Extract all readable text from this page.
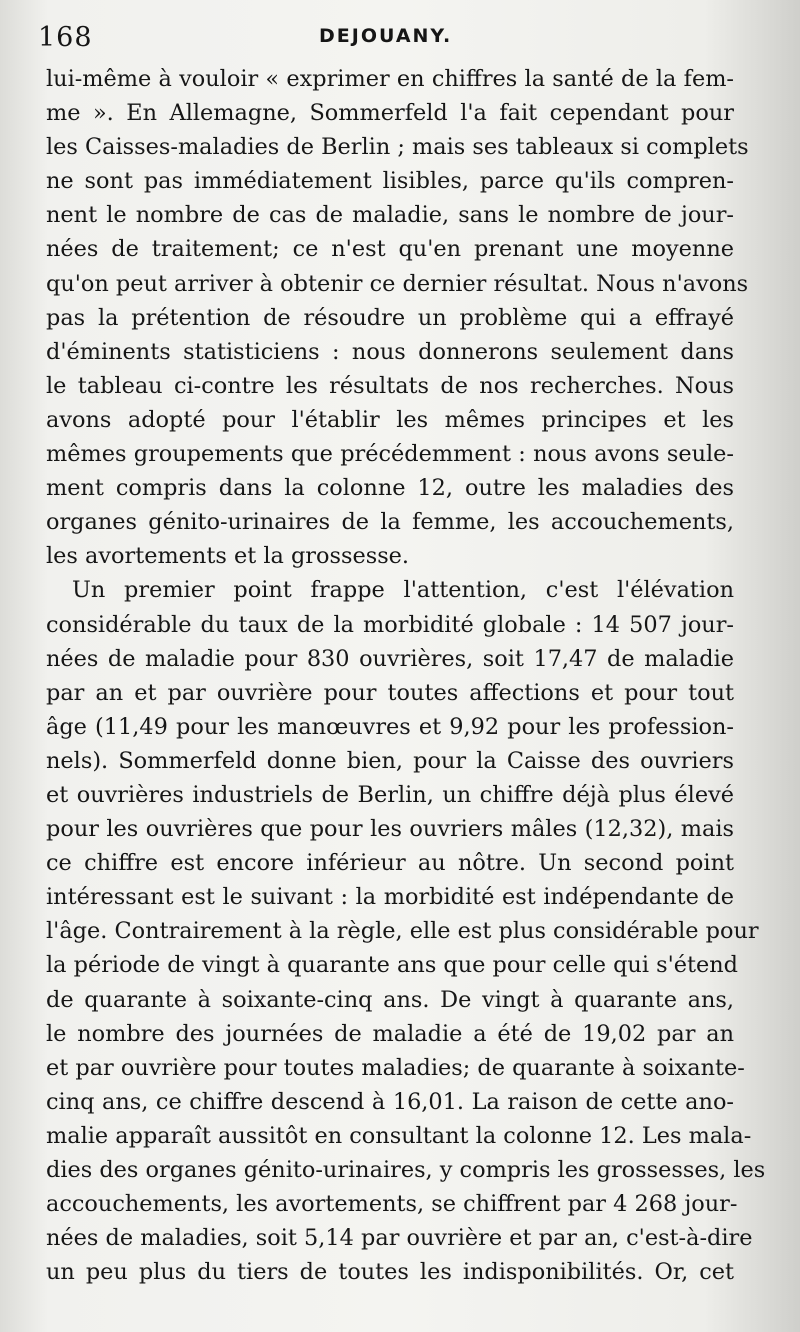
168	DEJOUANY.
lui-même à vouloir « exprimer en chiffres la santé de la fem-
me ». En Allemagne, Sommerfeld l'a fait cependant pour
les Caisses-maladies de Berlin ; mais ses tableaux si complets
ne sont pas immédiatement lisibles, parce qu'ils compren-
nent le nombre de cas de maladie, sans le nombre de jour-
nées de traitement; ce n'est qu'en prenant une moyenne
qu'on peut arriver à obtenir ce dernier résultat. Nous n'avons
pas la prétention de résoudre un problème qui a effrayé
d'éminents statisticiens : nous donnerons seulement dans
le tableau ci-contre les résultats de nos recherches. Nous
avons adopté pour l'établir les mêmes principes et les
mêmes groupements que précédemment : nous avons seule-
ment compris dans la colonne 12, outre les maladies des
organes génito-urinaires de la femme, les accouchements,
les avortements et la grossesse.
Un premier point frappe l'attention, c'est l'élévation
considérable du taux de la morbidité globale : 14 507 jour-
nées de maladie pour 830 ouvrières, soit 17,47 de maladie
par an et par ouvrière pour toutes affections et pour tout
âge (11,49 pour les manœuvres et 9,92 pour les profession-
nels). Sommerfeld donne bien, pour la Caisse des ouvriers
et ouvrières industriels de Berlin, un chiffre déjà plus élevé
pour les ouvrières que pour les ouvriers mâles (12,32), mais
ce chiffre est encore inférieur au nôtre. Un second point
intéressant est le suivant : la morbidité est indépendante de
l'âge. Contrairement à la règle, elle est plus considérable pour
la période de vingt à quarante ans que pour celle qui s'étend
de quarante à soixante-cinq ans. De vingt à quarante ans,
le nombre des journées de maladie a été de 19,02 par an
et par ouvrière pour toutes maladies; de quarante à soixante-
cinq ans, ce chiffre descend à 16,01. La raison de cette ano-
malie apparaît aussitôt en consultant la colonne 12. Les mala-
dies des organes génito-urinaires, y compris les grossesses, les
accouchements, les avortements, se chiffrent par 4 268 jour-
nées de maladies, soit 5,14 par ouvrière et par an, c'est-à-dire
un peu plus du tiers de toutes les indisponibilités. Or, cet
